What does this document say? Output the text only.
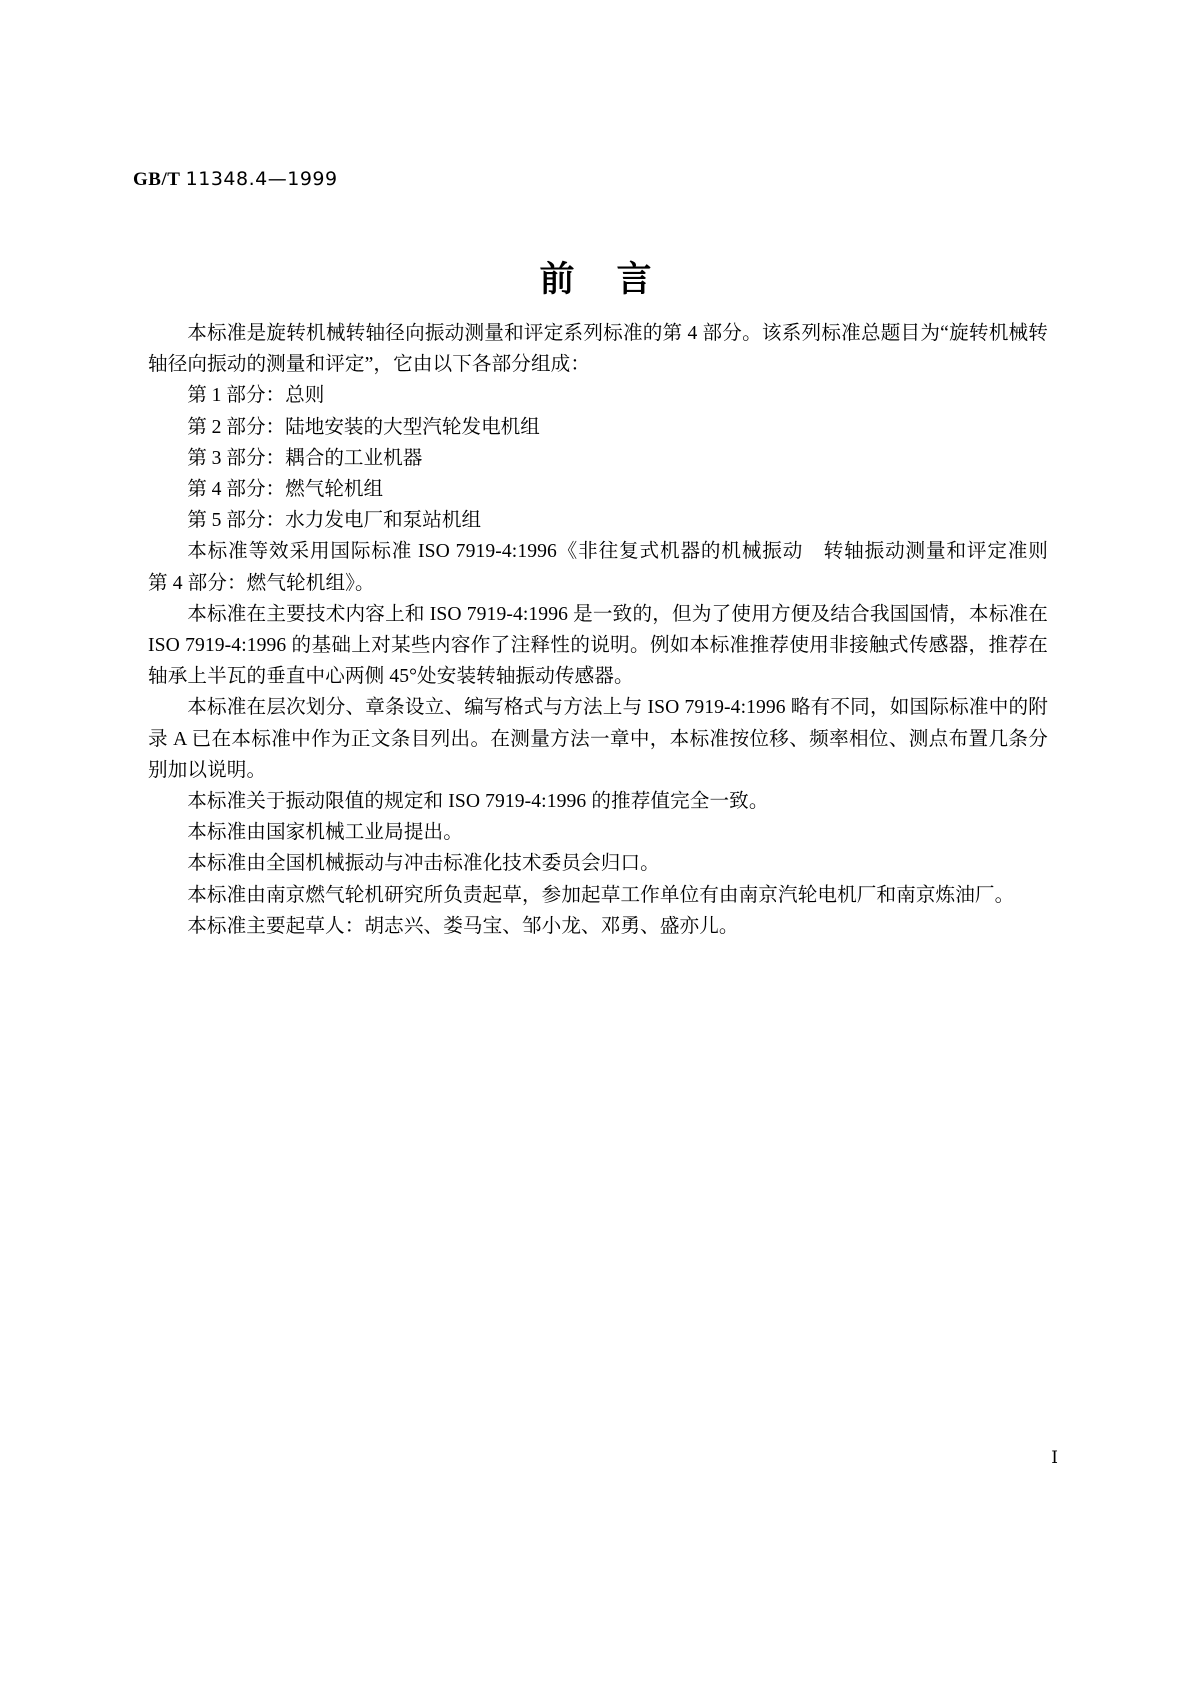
GB/T 11348.4—1999
前言

本标准是旋转机械转轴径向振动测量和评定系列标准的第 4 部分。该系列标准总题目为“旋转机械转轴径向振动的测量和评定”，它由以下各部分组成：

第 1 部分：总则

第 2 部分：陆地安装的大型汽轮发电机组

第 3 部分：耦合的工业机器

第 4 部分：燃气轮机组

第 5 部分：水力发电厂和泵站机组

本标准等效采用国际标准 ISO 7919-4:1996《非往复式机器的机械振动　转轴振动测量和评定准则　第 4 部分：燃气轮机组》。

本标准在主要技术内容上和 ISO 7919-4:1996 是一致的，但为了使用方便及结合我国国情，本标准在 ISO 7919-4:1996 的基础上对某些内容作了注释性的说明。例如本标准推荐使用非接触式传感器，推荐在轴承上半瓦的垂直中心两侧 45°处安装转轴振动传感器。

本标准在层次划分、章条设立、编写格式与方法上与 ISO 7919-4:1996 略有不同，如国际标准中的附录 A 已在本标准中作为正文条目列出。在测量方法一章中，本标准按位移、频率相位、测点布置几条分别加以说明。

本标准关于振动限值的规定和 ISO 7919-4:1996 的推荐值完全一致。

本标准由国家机械工业局提出。

本标准由全国机械振动与冲击标准化技术委员会归口。

本标准由南京燃气轮机研究所负责起草，参加起草工作单位有由南京汽轮电机厂和南京炼油厂。

本标准主要起草人：胡志兴、娄马宝、邹小龙、邓勇、盛亦儿。

I
